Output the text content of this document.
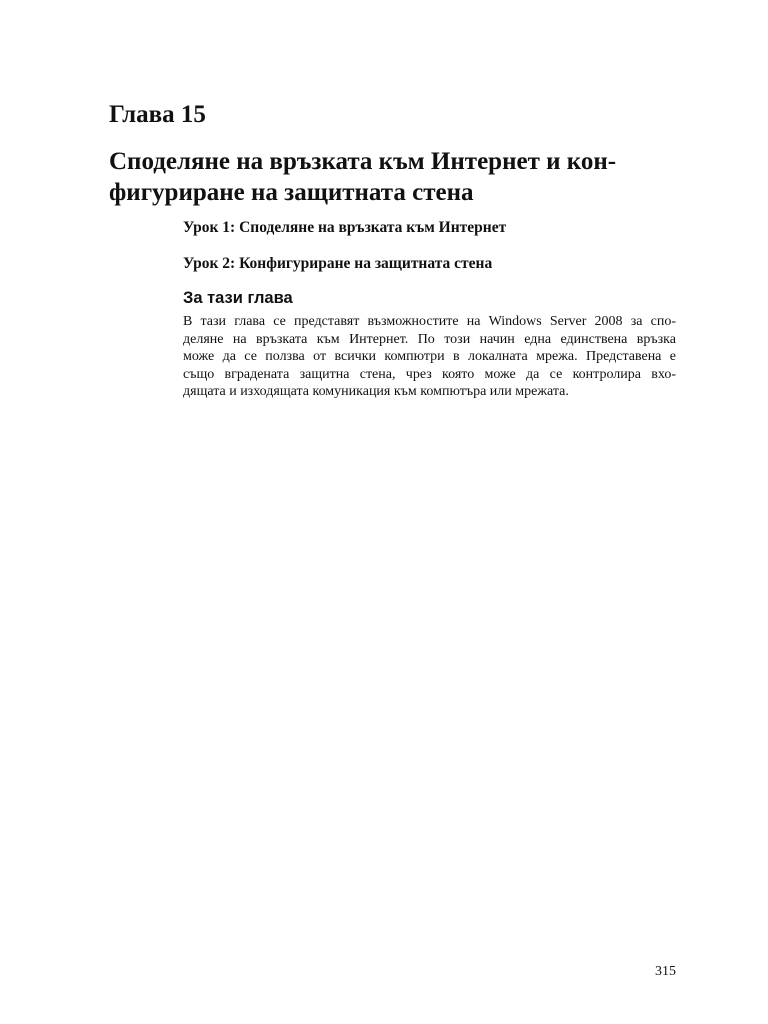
Глава 15
Споделяне на връзката към Интернет и кон-
фигуриране на защитната стена
Урок 1: Споделяне на връзката към Интернет
Урок 2: Конфигуриране на защитната стена
За тази глава

В тази глава се представят възможностите на Windows Server 2008 за спо-
деляне на връзката към Интернет. По този начин една единствена връзка
може да се ползва от всички компютри в локалната мрежа. Представена е
също вградената защитна стена, чрез която може да се контролира вхо-
дящата и изходящата комуникация към компютъра или мрежата.

315
